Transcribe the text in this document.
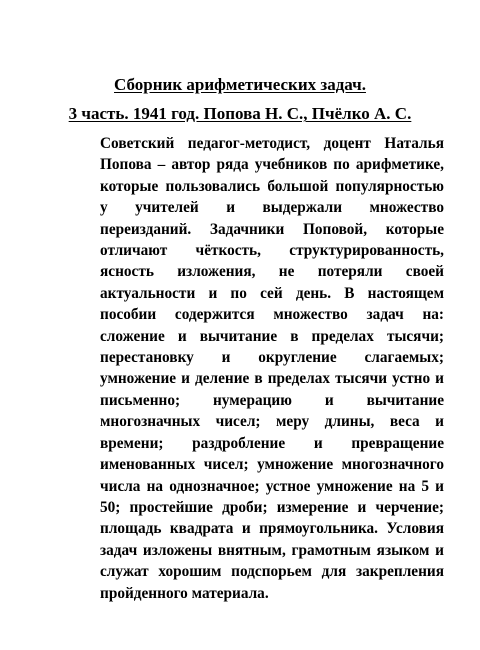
Сборник арифметических задач.
3 часть. 1941 год. Попова Н. С., Пчёлко А. С.

Советский педагог-методист, доцент Наталья Попова – автор ряда учебников по арифметике, которые пользовались большой популярностью у учителей и выдержали множество переизданий. Задачники Поповой, которые отличают чёткость, структурированность, ясность изложения, не потеряли своей актуальности и по сей день. В настоящем пособии содержится множество задач на: сложение и вычитание в пределах тысячи; перестановку и округление слагаемых; умножение и деление в пределах тысячи устно и письменно; нумерацию и вычитание многозначных чисел; меру длины, веса и времени; раздробление и превращение именованных чисел; умножение многозначного числа на однозначное; устное умножение на 5 и 50; простейшие дроби; измерение и черчение; площадь квадрата и прямоугольника. Условия задач изложены внятным, грамотным языком и служат хорошим подспорьем для закрепления пройденного материала.
